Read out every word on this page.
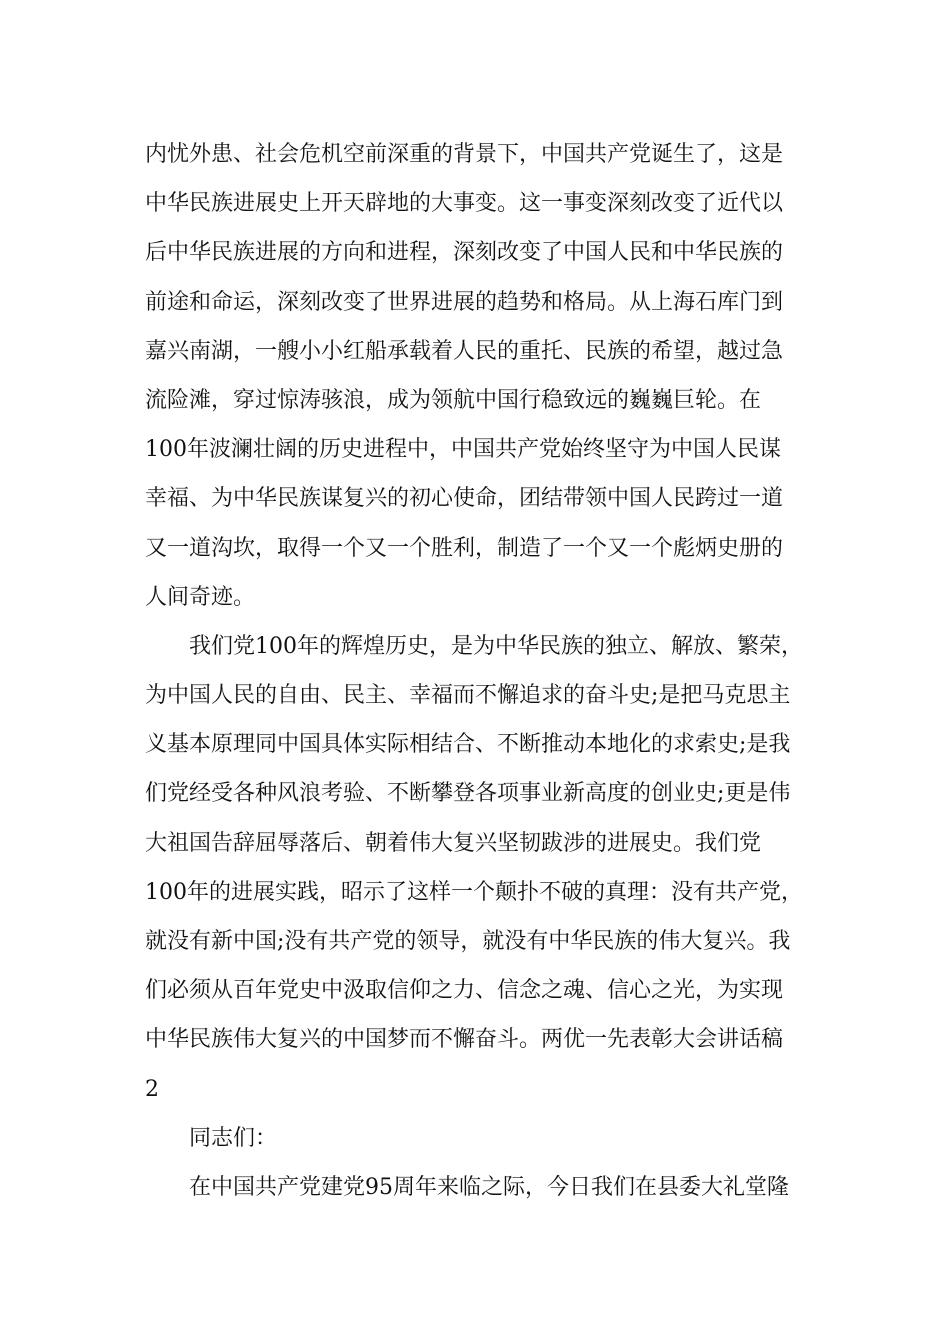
内忧外患、社会危机空前深重的背景下，中国共产党诞生了，这是
中华民族进展史上开天辟地的大事变。这一事变深刻改变了近代以
后中华民族进展的方向和进程，深刻改变了中国人民和中华民族的
前途和命运，深刻改变了世界进展的趋势和格局。从上海石库门到
嘉兴南湖，一艘小小红船承载着人民的重托、民族的希望，越过急
流险滩，穿过惊涛骇浪，成为领航中国行稳致远的巍巍巨轮。在
100年波澜壮阔的历史进程中，中国共产党始终坚守为中国人民谋
幸福、为中华民族谋复兴的初心使命，团结带领中国人民跨过一道
又一道沟坎，取得一个又一个胜利，制造了一个又一个彪炳史册的
人间奇迹。
我们党100年的辉煌历史，是为中华民族的独立、解放、繁荣，
为中国人民的自由、民主、幸福而不懈追求的奋斗史;是把马克思主
义基本原理同中国具体实际相结合、不断推动本地化的求索史;是我
们党经受各种风浪考验、不断攀登各项事业新高度的创业史;更是伟
大祖国告辞屈辱落后、朝着伟大复兴坚韧跋涉的进展史。我们党
100年的进展实践，昭示了这样一个颠扑不破的真理：没有共产党，
就没有新中国;没有共产党的领导，就没有中华民族的伟大复兴。我
们必须从百年党史中汲取信仰之力、信念之魂、信心之光，为实现
中华民族伟大复兴的中国梦而不懈奋斗。两优一先表彰大会讲话稿
2
同志们：
在中国共产党建党95周年来临之际，今日我们在县委大礼堂隆
